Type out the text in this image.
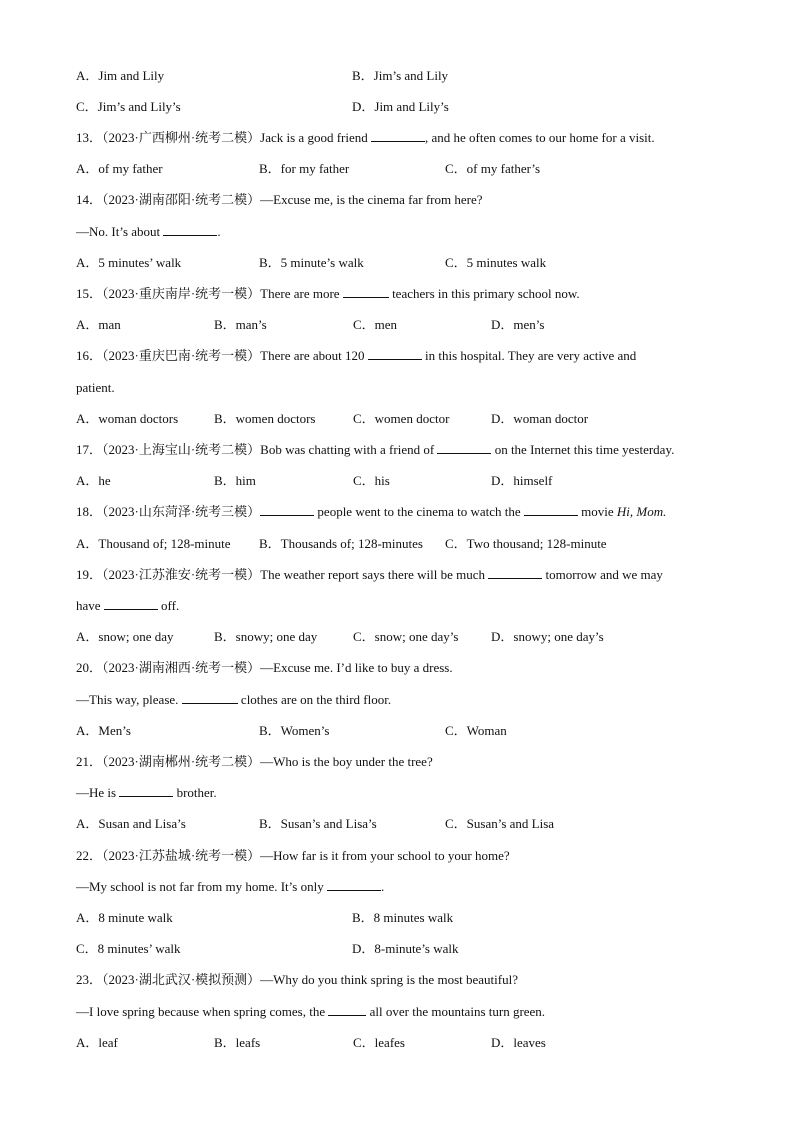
A．Jim and Lily	B．Jim’s and Lily
C．Jim’s and Lily’s	D．Jim and Lily’s
13．（2023·广西柳州·统考二模）Jack is a good friend	, and he often comes to our home for a visit.
A．of my father	B．for my father	C．of my father’s
14．（2023·湖南邵阳·统考二模）—Excuse me, is the cinema far from here?
—No. It’s about	.
A．5 minutes’ walk	B．5 minute’s walk	C．5 minutes walk
15．（2023·重庆南岸·统考一模）There are more	teachers in this primary school now.
A．man	B．man’s	C．men	D．men’s
16．（2023·重庆巴南·统考一模）There are about 120	in this hospital. They are very active and
patient.
A．woman doctors	B．women doctors	C．women doctor	D．woman doctor
17．（2023·上海宝山·统考二模）Bob was chatting with a friend of	on the Internet this time yesterday.
A．he	B．him	C．his	D．himself
18．（2023·山东菏泽·统考三模）	people went to the cinema to watch the	movie Hi, Mom.
A．Thousand of; 128-minute B．Thousands of; 128-minutes C．Two thousand; 128-minute
19．（2023·江苏淮安·统考一模）The weather report says there will be much	tomorrow and we may
have	off.
A．snow; one day	B．snowy; one day	C．snow; one day’s	D．snowy; one day’s
20．（2023·湖南湘西·统考一模）—Excuse me. I’d like to buy a dress.
—This way, please.	clothes are on the third floor.
A．Men’s	B．Women’s	C．Woman
21．（2023·湖南郴州·统考二模）—Who is the boy under the tree?
—He is	brother.
A．Susan and Lisa’s	B．Susan’s and Lisa’s	C．Susan’s and Lisa
22．（2023·江苏盐城·统考一模）—How far is it from your school to your home?
—My school is not far from my home. It’s only	.
A．8 minute walk	B．8 minutes walk
C．8 minutes’ walk	D．8-minute’s walk
23．（2023·湖北武汉·模拟预测）—Why do you think spring is the most beautiful?
—I love spring because when spring comes, the	all over the mountains turn green.
A．leaf	B．leafs	C．leafes	D．leaves
